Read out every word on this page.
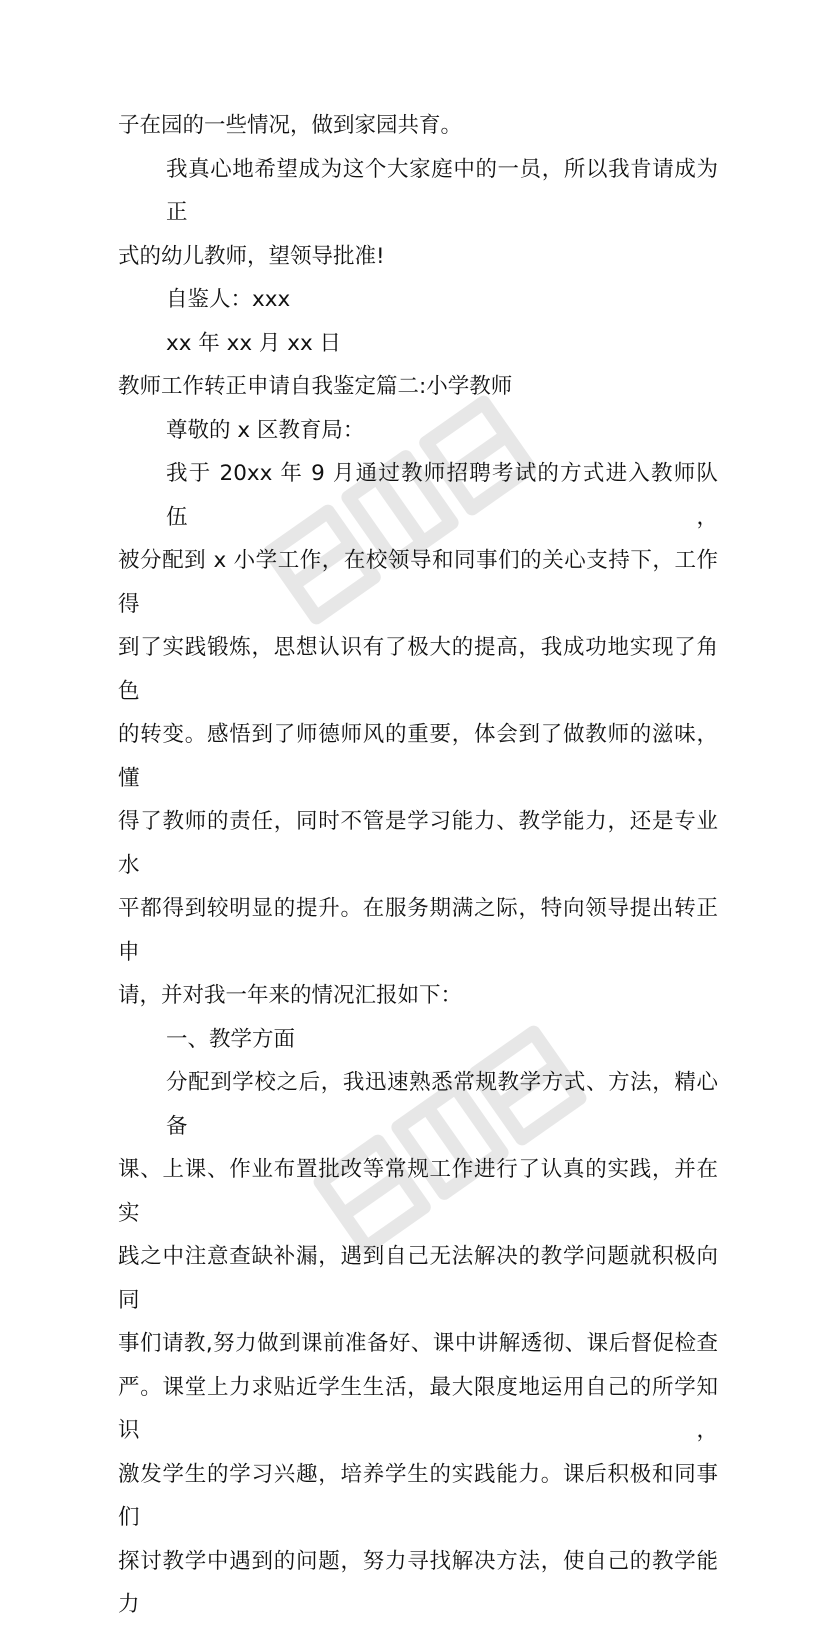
子在园的一些情况，做到家园共育。
我真心地希望成为这个大家庭中的一员，所以我肯请成为正
式的幼儿教师，望领导批准!
自鉴人：xxx
xx 年 xx 月 xx 日
教师工作转正申请自我鉴定篇二:小学教师
尊敬的 x 区教育局：
我于 20xx 年 9 月通过教师招聘考试的方式进入教师队伍，
被分配到 x 小学工作，在校领导和同事们的关心支持下，工作得
到了实践锻炼，思想认识有了极大的提高，我成功地实现了角色
的转变。感悟到了师德师风的重要，体会到了做教师的滋味，懂
得了教师的责任，同时不管是学习能力、教学能力，还是专业水
平都得到较明显的提升。在服务期满之际，特向领导提出转正申
请，并对我一年来的情况汇报如下：
一、教学方面
分配到学校之后，我迅速熟悉常规教学方式、方法，精心备
课、上课、作业布置批改等常规工作进行了认真的实践，并在实
践之中注意查缺补漏，遇到自己无法解决的教学问题就积极向同
事们请教,努力做到课前准备好、课中讲解透彻、课后督促检查
严。课堂上力求贴近学生生活，最大限度地运用自己的所学知识，
激发学生的学习兴趣，培养学生的实践能力。课后积极和同事们
探讨教学中遇到的问题，努力寻找解决方法，使自己的教学能力
